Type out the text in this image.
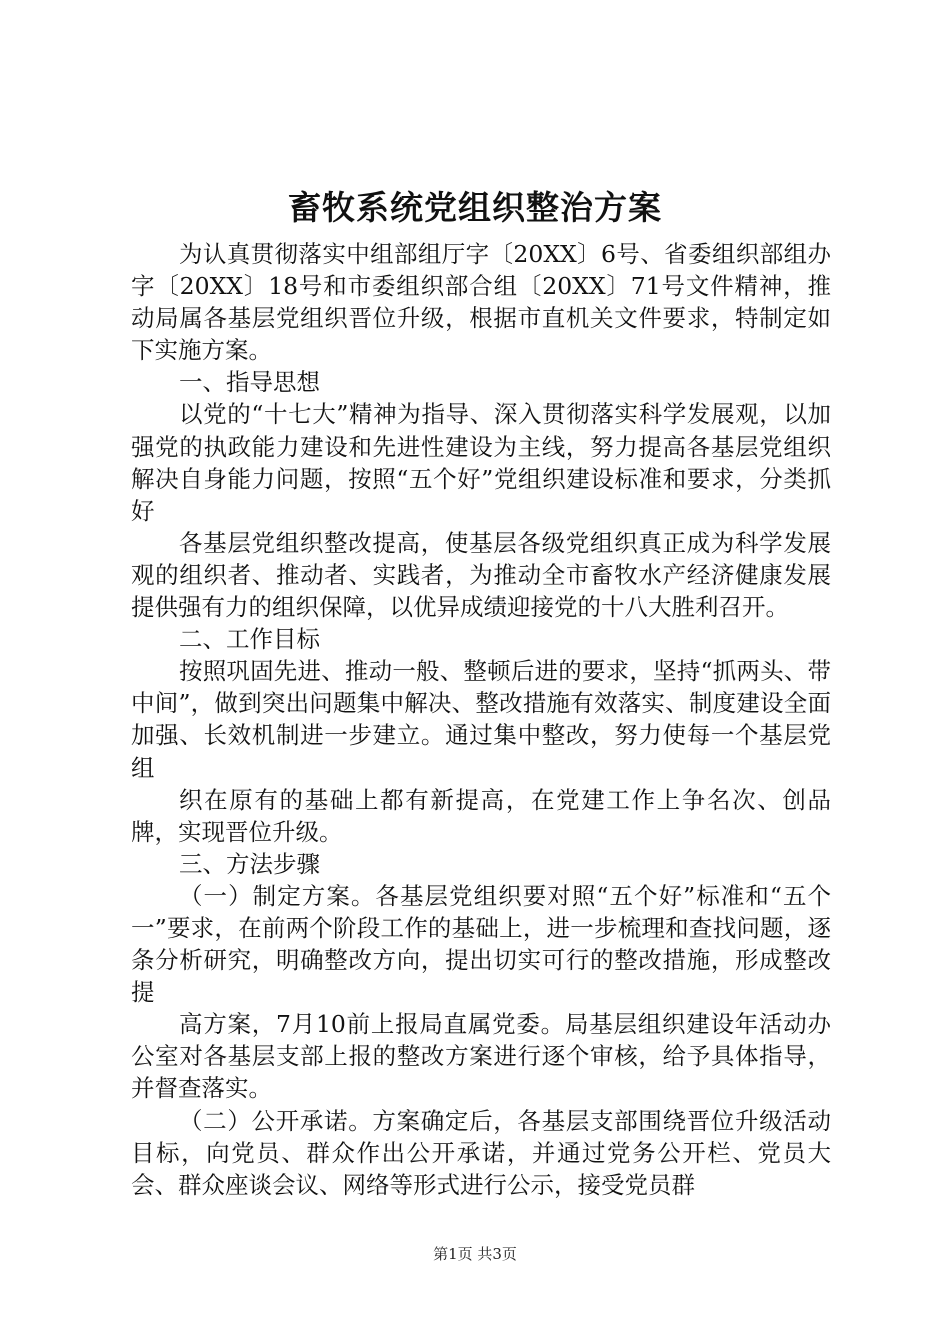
畜牧系统党组织整治方案

为认真贯彻落实中组部组厅字〔20XX〕6号、省委组织部组办字〔20XX〕18号和市委组织部合组〔20XX〕71号文件精神，推动局属各基层党组织晋位升级，根据市直机关文件要求，特制定如下实施方案。

一、指导思想

以党的“十七大”精神为指导、深入贯彻落实科学发展观，以加强党的执政能力建设和先进性建设为主线，努力提高各基层党组织解决自身能力问题，按照“五个好”党组织建设标准和要求，分类抓好

各基层党组织整改提高，使基层各级党组织真正成为科学发展观的组织者、推动者、实践者，为推动全市畜牧水产经济健康发展提供强有力的组织保障，以优异成绩迎接党的十八大胜利召开。

二、工作目标

按照巩固先进、推动一般、整顿后进的要求，坚持“抓两头、带中间”，做到突出问题集中解决、整改措施有效落实、制度建设全面加强、长效机制进一步建立。通过集中整改，努力使每一个基层党组

织在原有的基础上都有新提高，在党建工作上争名次、创品牌，实现晋位升级。

三、方法步骤

（一）制定方案。各基层党组织要对照“五个好”标准和“五个一”要求，在前两个阶段工作的基础上，进一步梳理和查找问题，逐条分析研究，明确整改方向，提出切实可行的整改措施，形成整改提

高方案，7月10前上报局直属党委。局基层组织建设年活动办公室对各基层支部上报的整改方案进行逐个审核，给予具体指导，并督查落实。

（二）公开承诺。方案确定后，各基层支部围绕晋位升级活动目标，向党员、群众作出公开承诺，并通过党务公开栏、党员大会、群众座谈会议、网络等形式进行公示，接受党员群

第1页 共3页
